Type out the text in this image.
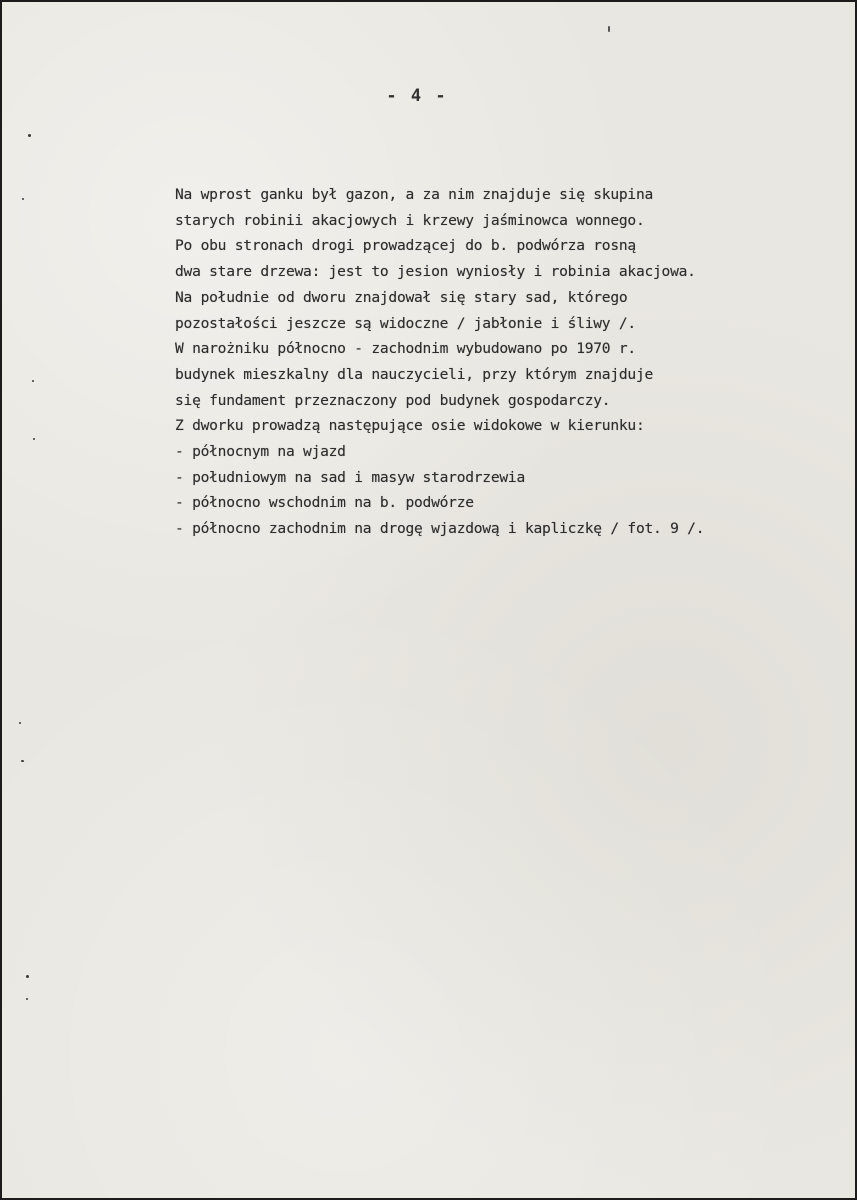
- 4 -
Na wprost ganku był gazon, a za nim znajduje się skupina
starych robinii akacjowych i krzewy jaśminowca wonnego.
Po obu stronach drogi prowadzącej do b. podwórza rosną
dwa stare drzewa: jest to jesion wyniosły i robinia akacjowa.
Na południe od dworu znajdował się stary sad, którego
pozostałości jeszcze są widoczne / jabłonie i śliwy /.
W narożniku północno - zachodnim wybudowano po 1970 r.
budynek mieszkalny dla nauczycieli, przy którym znajduje
się fundament przeznaczony pod budynek gospodarczy.
Z dworku prowadzą następujące osie widokowe w kierunku:
- północnym na wjazd
- południowym na sad i masyw starodrzewia
- północno wschodnim na b. podwórze
- północno zachodnim na drogę wjazdową i kapliczkę / fot. 9 /.
